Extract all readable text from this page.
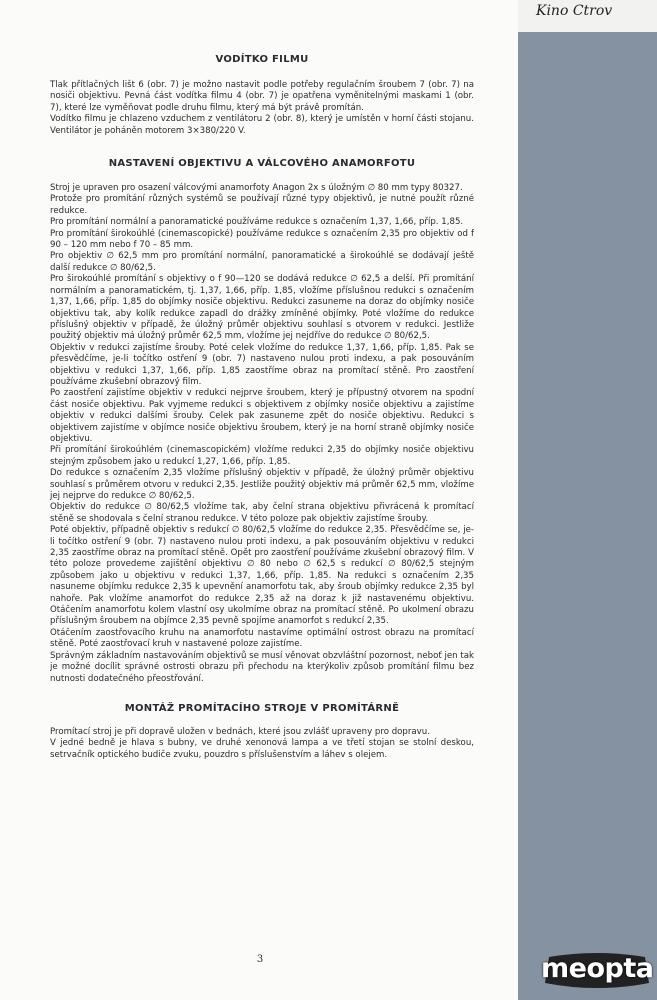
Kino Ctrov
VODÍTKO FILMU

Tlak přítlačných lišt 6 (obr. 7) je možno nastavit podle potřeby regulačním šroubem 7 (obr. 7) na nosiči objektivu. Pevná část vodítka filmu 4 (obr. 7) je opatřena vyměnitelnými maskami 1 (obr. 7), které lze vyměňovat podle druhu filmu, který má být právě promítán.

Vodítko filmu je chlazeno vzduchem z ventilátoru 2 (obr. 8), který je umístěn v horní části stojanu. Ventilátor je poháněn motorem 3×380/220 V.

NASTAVENÍ OBJEKTIVU A VÁLCOVÉHO ANAMORFOTU

Stroj je upraven pro osazení válcovými anamorfoty Anagon 2x s úložným ∅ 80 mm typy 80327.

Protože pro promítání různých systémů se používají různé typy objektivů, je nutné použít různé redukce.

Pro promítání normální a panoramatické používáme redukce s označením 1,37, 1,66, příp. 1,85.

Pro promítání širokoúhlé (cinemascopické) používáme redukce s označením 2,35 pro objektiv od f 90 – 120 mm nebo f 70 – 85 mm.

Pro objektiv ∅ 62,5 mm pro promítání normální, panoramatické a širokoúhlé se dodávají ještě další redukce ∅ 80/62,5.

Pro širokoúhlé promítání s objektivy o f 90—120 se dodává redukce ∅ 62,5 a delší. Při promítání normálním a panoramatickém, tj. 1,37, 1,66, příp. 1,85, vložíme příslušnou redukci s označením 1,37, 1,66, příp. 1,85 do objímky nosiče objektivu. Redukci zasuneme na doraz do objímky nosiče objektivu tak, aby kolík redukce zapadl do drážky zmíněné objímky. Poté vložíme do redukce příslušný objektiv v případě, že úložný průměr objektivu souhlasí s otvorem v redukci. Jestliže použitý objektiv má úložný průměr 62,5 mm, vložíme jej nejdříve do redukce ∅ 80/62,5.

Objektiv v redukci zajistíme šrouby. Poté celek vložíme do redukce 1,37, 1,66, příp. 1,85. Pak se přesvědčíme, je-li točítko ostření 9 (obr. 7) nastaveno nulou proti indexu, a pak posouváním objektivu v redukci 1,37, 1,66, příp. 1,85 zaostříme obraz na promítací stěně. Pro zaostření používáme zkušební obrazový film.

Po zaostření zajistíme objektiv v redukci nejprve šroubem, který je přípustný otvorem na spodní část nosiče objektivu. Pak vyjmeme redukci s objektivem z objímky nosiče objektivu a zajistíme objektiv v redukci dalšími šrouby. Celek pak zasuneme zpět do nosiče objektivu. Redukci s objektivem zajistíme v objímce nosiče objektivu šroubem, který je na horní straně objímky nosiče objektivu.

Při promítání širokoúhlém (cinemascopickém) vložíme redukci 2,35 do objímky nosiče objektivu stejným způsobem jako u redukcí 1,27, 1,66, příp. 1,85.

Do redukce s označením 2,35 vložíme příslušný objektiv v případě, že úložný průměr objektivu souhlasí s průměrem otvoru v redukci 2,35. Jestliže použitý objektiv má průměr 62,5 mm, vložíme jej nejprve do redukce ∅ 80/62,5.

Objektiv do redukce ∅ 80/62,5 vložíme tak, aby čelní strana objektivu přivrácená k promítací stěně se shodovala s čelní stranou redukce. V této poloze pak objektiv zajistíme šrouby.

Poté objektiv, případně objektiv s redukcí ∅ 80/62,5 vložíme do redukce 2,35. Přesvědčíme se, je-li točítko ostření 9 (obr. 7) nastaveno nulou proti indexu, a pak posouváním objektivu v redukci 2,35 zaostříme obraz na promítací stěně. Opět pro zaostření používáme zkušební obrazový film. V této poloze provedeme zajištění objektivu ∅ 80 nebo ∅ 62,5 s redukcí ∅ 80/62,5 stejným způsobem jako u objektivu v redukci 1,37, 1,66, příp. 1,85. Na redukci s označením 2,35 nasuneme objímku redukce 2,35 k upevnění anamorfotu tak, aby šroub objímky redukce 2,35 byl nahoře. Pak vložíme anamorfot do redukce 2,35 až na doraz k již nastavenému objektivu. Otáčením anamorfotu kolem vlastní osy ukolmíme obraz na promítací stěně. Po ukolmení obrazu příslušným šroubem na objímce 2,35 pevně spojíme anamorfot s redukcí 2,35.

Otáčením zaostřovacího kruhu na anamorfotu nastavíme optimální ostrost obrazu na promítací stěně. Poté zaostřovací kruh v nastavené poloze zajistíme.

Správným základním nastavováním objektivů se musí věnovat obzvláštní pozornost, neboť jen tak je možné docílit správné ostrosti obrazu při přechodu na kterýkoliv způsob promítání filmu bez nutnosti dodatečného přeostřování.

MONTÁŽ PROMÍTACÍHO STROJE V PROMÍTÁRNĚ

Promítací stroj je při dopravě uložen v bednách, které jsou zvlášť upraveny pro dopravu.

V jedné bedně je hlava s bubny, ve druhé xenonová lampa a ve třetí stojan se stolní deskou, setrvačník optického budiče zvuku, pouzdro s příslušenstvím a láhev s olejem.

3	meopta
